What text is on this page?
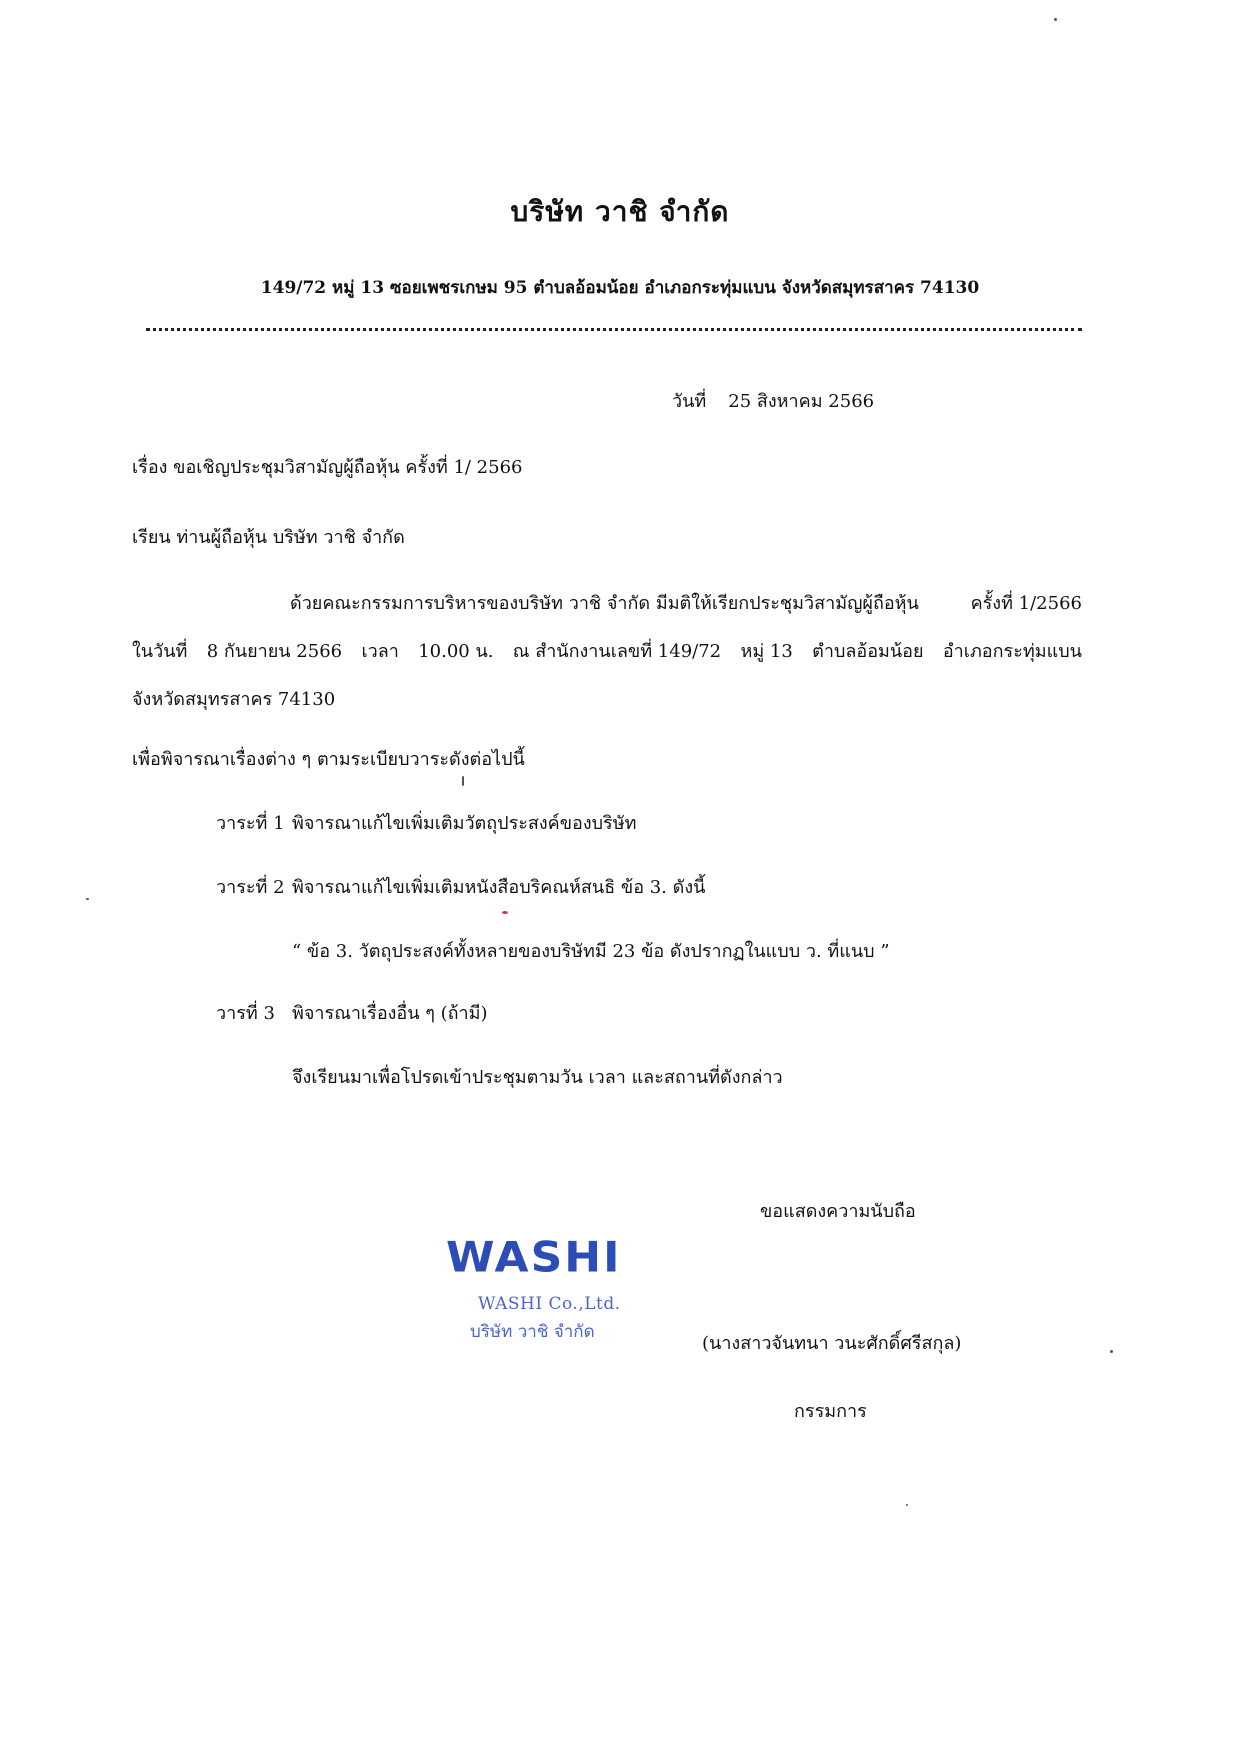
บริษัท วาชิ จำกัด
149/72 หมู่ 13 ซอยเพชรเกษม 95 ตำบลอ้อมน้อย อำเภอกระทุ่มแบน จังหวัดสมุทรสาคร 74130
วันที่ 25 สิงหาคม 2566
เรื่อง ขอเชิญประชุมวิสามัญผู้ถือหุ้น ครั้งที่ 1/ 2566
เรียน ท่านผู้ถือหุ้น บริษัท วาชิ จำกัด
ด้วยคณะกรรมการบริหารของบริษัท วาชิ จำกัด มีมติให้เรียกประชุมวิสามัญผู้ถือหุ้น	ครั้งที่ 1/2566
ในวันที่ 8 กันยายน 2566 เวลา 10.00 น. ณ สำนักงานเลขที่ 149/72 หมู่ 13 ตำบลอ้อมน้อย อำเภอกระทุ่มแบน
จังหวัดสมุทรสาคร 74130
เพื่อพิจารณาเรื่องต่าง ๆ ตามระเบียบวาระดังต่อไปนี้
วาระที่ 1 พิจารณาแก้ไขเพิ่มเติมวัตถุประสงค์ของบริษัท
วาระที่ 2 พิจารณาแก้ไขเพิ่มเติมหนังสือบริคณห์สนธิ ข้อ 3. ดังนี้
“ ข้อ 3. วัตถุประสงค์ทั้งหลายของบริษัทมี 23 ข้อ ดังปรากฏในแบบ ว. ที่แนบ ”
วารที่ 3 พิจารณาเรื่องอื่น ๆ (ถ้ามี)
จึงเรียนมาเพื่อโปรดเข้าประชุมตามวัน เวลา และสถานที่ดังกล่าว
ขอแสดงความนับถือ
WASHI
WASHI Co.,Ltd.
บริษัท วาชิ จำกัด
(นางสาวจันทนา วนะศักดิ์ศรีสกุล)
กรรมการ
